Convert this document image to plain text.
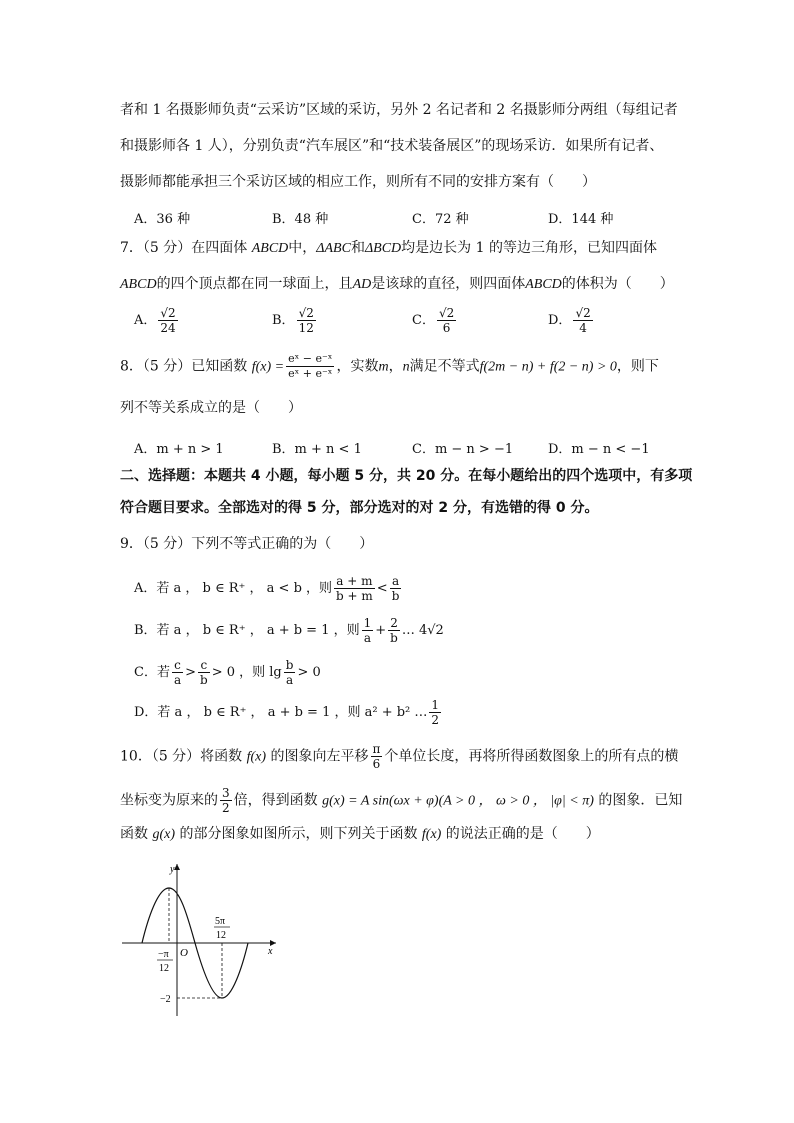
者和 1 名摄影师负责“云采访”区域的采访，另外 2 名记者和 2 名摄影师分两组（每组记者
和摄影师各 1 人），分别负责“汽车展区”和“技术装备展区”的现场采访．如果所有记者、
摄影师都能承担三个采访区域的相应工作，则所有不同的安排方案有（　　）
A．36 种	B．48 种	C．72 种	D．144 种
7．（5 分）在四面体 ABCD中，ΔABC和ΔBCD均是边长为 1 的等边三角形，已知四面体
ABCD的四个顶点都在同一球面上，且AD是该球的直径，则四面体ABCD的体积为（　　）
A． $\frac{√2}{24}$	B． $\frac{√2}{12}$	C． $\frac{√2}{6}$	D． $\frac{√2}{4}$
8．（5 分）已知函数 $f(x) = \frac{\text{eˣ − e⁻ˣ}}{\text{eˣ + e⁻ˣ}}$ ，实数m，n满足不等式f(2m − n) + f(2 − n) > 0，则下
列不等关系成立的是（　　）
A．m + n > 1	B．m + n < 1	C．m − n > −1	D．m − n < −1
二、选择题：本题共 4 小题，每小题 5 分，共 20 分。在每小题给出的四个选项中，有多项
符合题目要求。全部选对的得 5 分，部分选对的对 2 分，有选错的得 0 分。
9．（5 分）下列不等式正确的为（　　）
A．若 a ， b ∈ R⁺ ， a < b ，则 $\frac{a + m}{b + m} < \frac{a}{b}$
B．若 a ， b ∈ R⁺ ， a + b = 1 ，则 $\frac{1}{a} + \frac{2}{b}$ … 4√2
C．若 $\frac{c}{a} > \frac{c}{b} > 0$ ，则 $\lg \frac{b}{a} > 0$
D．若 a ， b ∈ R⁺ ， a + b = 1 ，则 a² + b² … $\frac{1}{2}$
10．（5 分）将函数 f(x) 的图象向左平移 $\frac{\pi}{6}$ 个单位长度，再将所得函数图象上的所有点的横
坐标变为原来的 $\frac{3}{2}$ 倍，得到函数 g(x) = A sin(ωx + φ)(A > 0 ， ω > 0 ， |φ| < π) 的图象．已知
函数 g(x) 的部分图象如图所示，则下列关于函数 f(x) 的说法正确的是（　　）
y
x
O
−π
12
5π
12
−2
